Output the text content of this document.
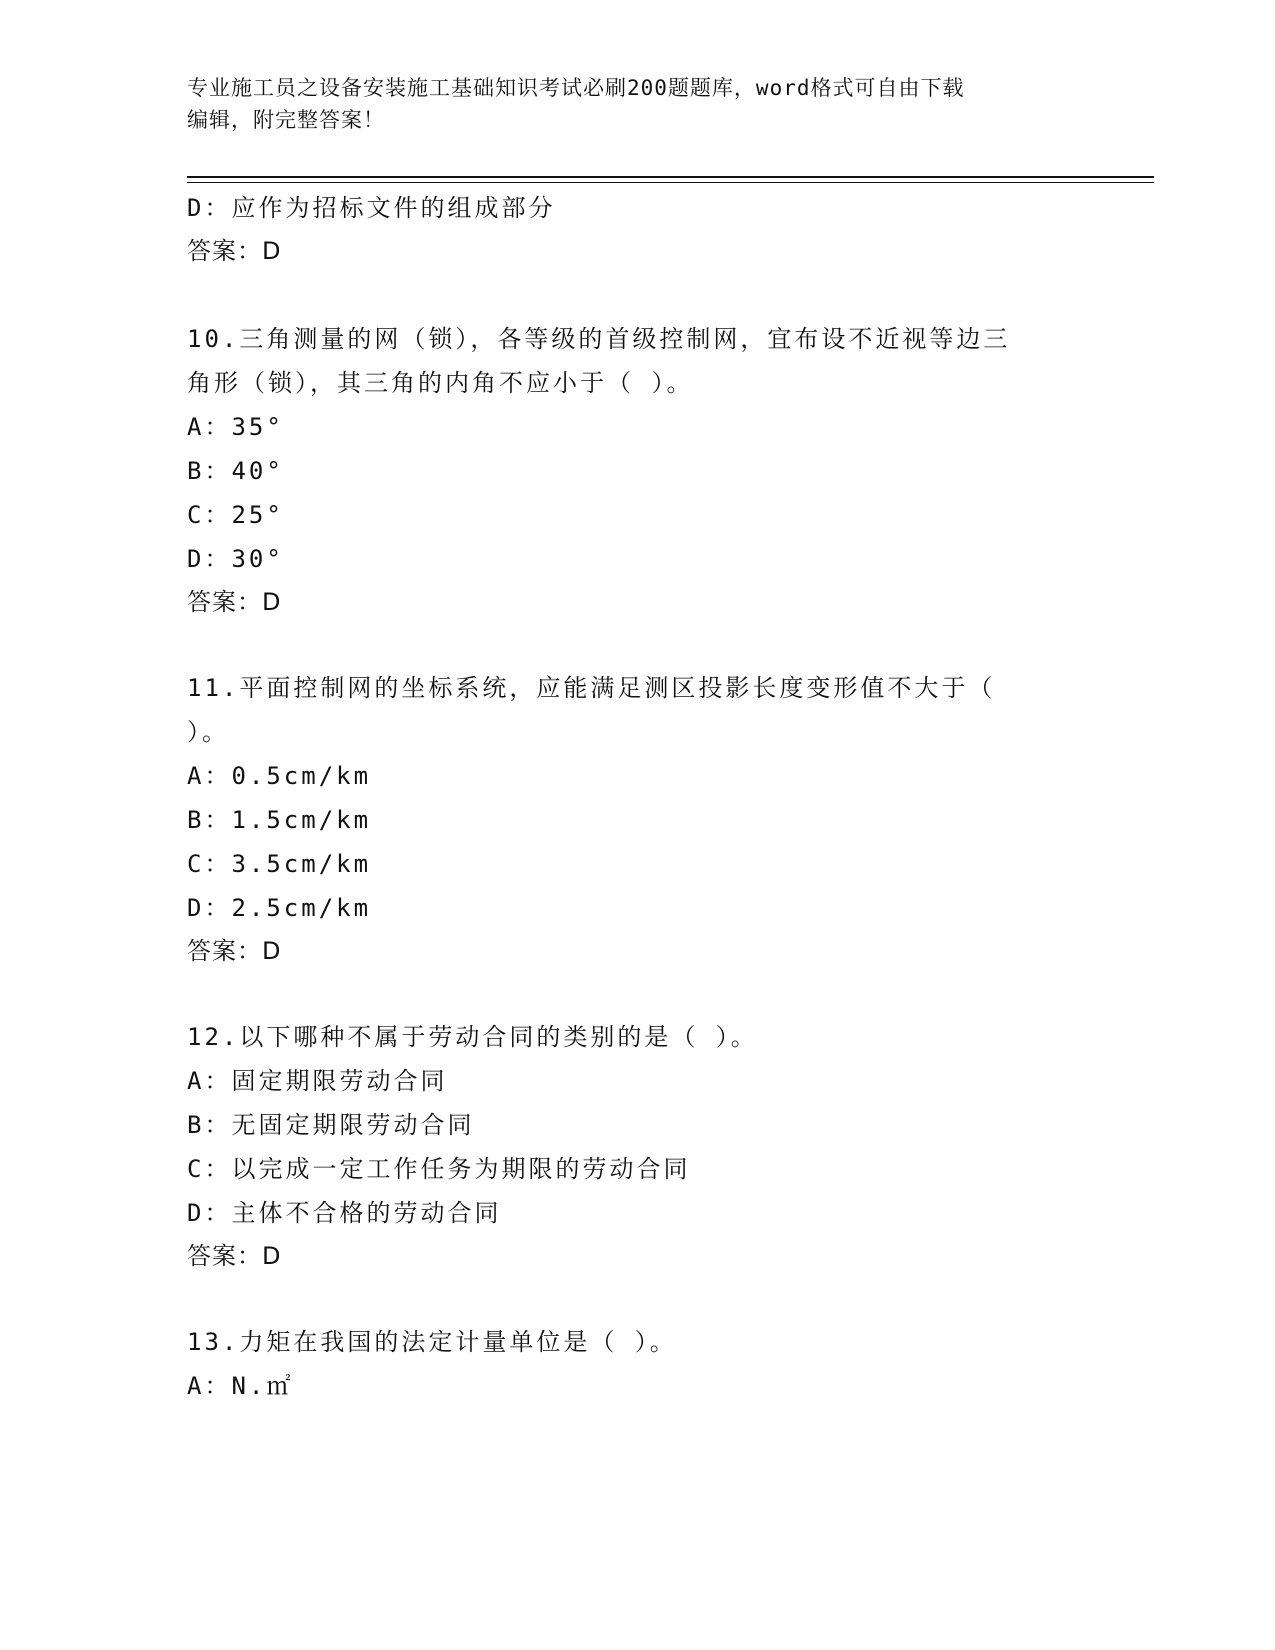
专业施工员之设备安装施工基础知识考试必刷200题题库，word格式可自由下载
编辑，附完整答案！
D：应作为招标文件的组成部分
答案：D
10.三角测量的网（锁），各等级的首级控制网，宜布设不近视等边三
角形（锁），其三角的内角不应小于（ ）。
A：35°
B：40°
C：25°
D：30°
答案：D
11.平面控制网的坐标系统，应能满足测区投影长度变形值不大于（
）。
A：0.5cm/km
B：1.5cm/km
C：3.5cm/km
D：2.5cm/km
答案：D
12.以下哪种不属于劳动合同的类别的是（ ）。
A：固定期限劳动合同
B：无固定期限劳动合同
C：以完成一定工作任务为期限的劳动合同
D：主体不合格的劳动合同
答案：D
13.力矩在我国的法定计量单位是（ ）。
A：N.㎡
